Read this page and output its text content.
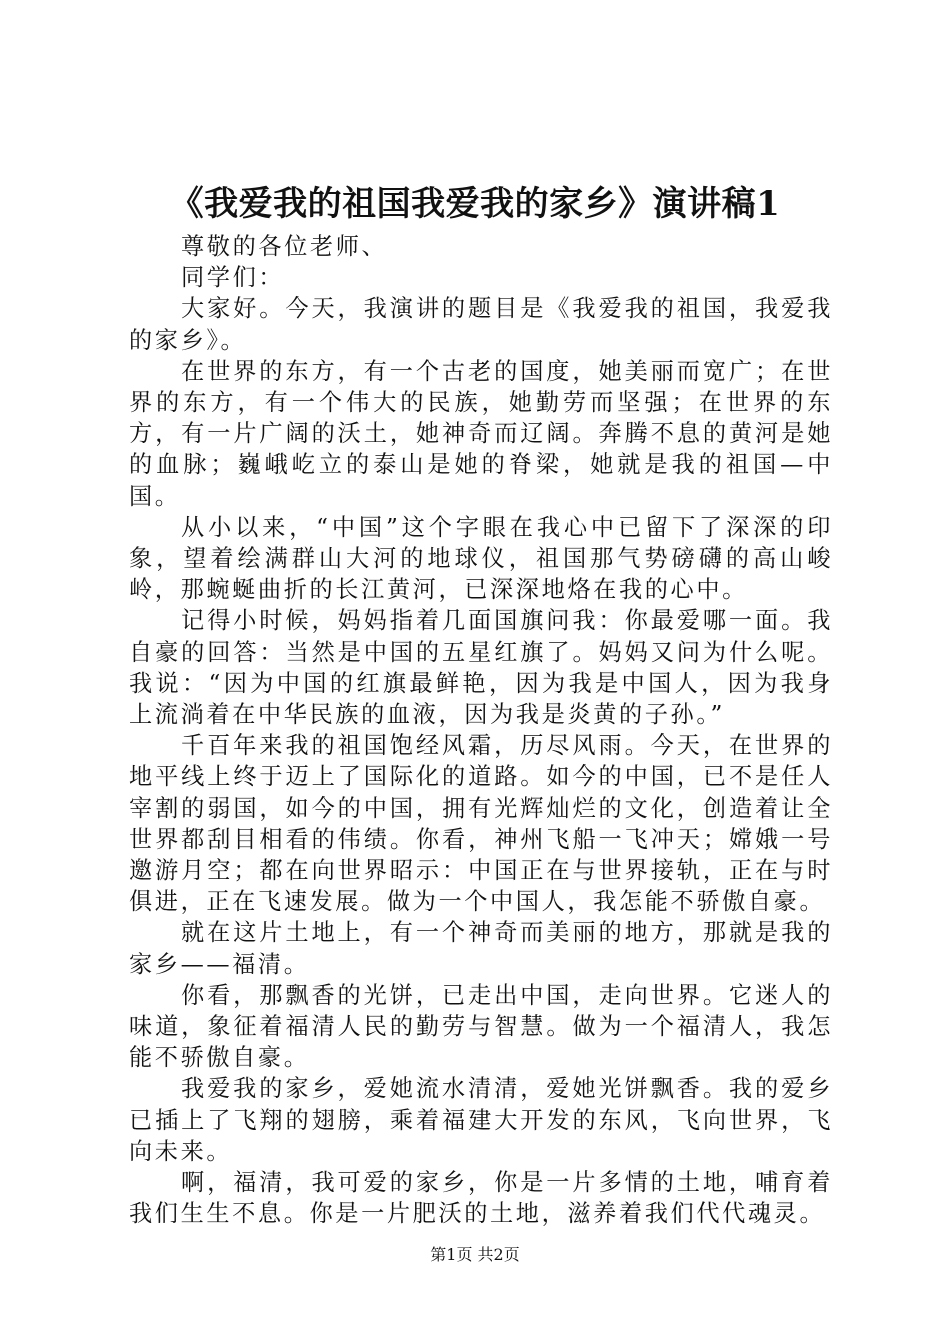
《我爱我的祖国我爱我的家乡》演讲稿1

尊敬的各位老师、

同学们：

大家好。今天，我演讲的题目是《我爱我的祖国，我爱我的家乡》。

在世界的东方，有一个古老的国度，她美丽而宽广；在世界的东方，有一个伟大的民族，她勤劳而坚强；在世界的东方，有一片广阔的沃土，她神奇而辽阔。奔腾不息的黄河是她的血脉；巍峨屹立的泰山是她的脊梁，她就是我的祖国—中国。

从小以来，“中国”这个字眼在我心中已留下了深深的印象，望着绘满群山大河的地球仪，祖国那气势磅礴的高山峻岭，那蜿蜒曲折的长江黄河，已深深地烙在我的心中。

记得小时候，妈妈指着几面国旗问我：你最爱哪一面。我自豪的回答：当然是中国的五星红旗了。妈妈又问为什么呢。我说：“因为中国的红旗最鲜艳，因为我是中国人，因为我身上流淌着在中华民族的血液，因为我是炎黄的子孙。”

千百年来我的祖国饱经风霜，历尽风雨。今天，在世界的地平线上终于迈上了国际化的道路。如今的中国，已不是任人宰割的弱国，如今的中国，拥有光辉灿烂的文化，创造着让全世界都刮目相看的伟绩。你看，神州飞船一飞冲天；嫦娥一号邀游月空；都在向世界昭示：中国正在与世界接轨，正在与时俱进，正在飞速发展。做为一个中国人，我怎能不骄傲自豪。

就在这片土地上，有一个神奇而美丽的地方，那就是我的家乡——福清。

你看，那飘香的光饼，已走出中国，走向世界。它迷人的味道，象征着福清人民的勤劳与智慧。做为一个福清人，我怎能不骄傲自豪。

我爱我的家乡，爱她流水清清，爱她光饼飘香。我的爱乡已插上了飞翔的翅膀，乘着福建大开发的东风，飞向世界，飞向未来。

啊，福清，我可爱的家乡，你是一片多情的土地，哺育着我们生生不息。你是一片肥沃的土地，滋养着我们代代魂灵。

第1页 共2页
